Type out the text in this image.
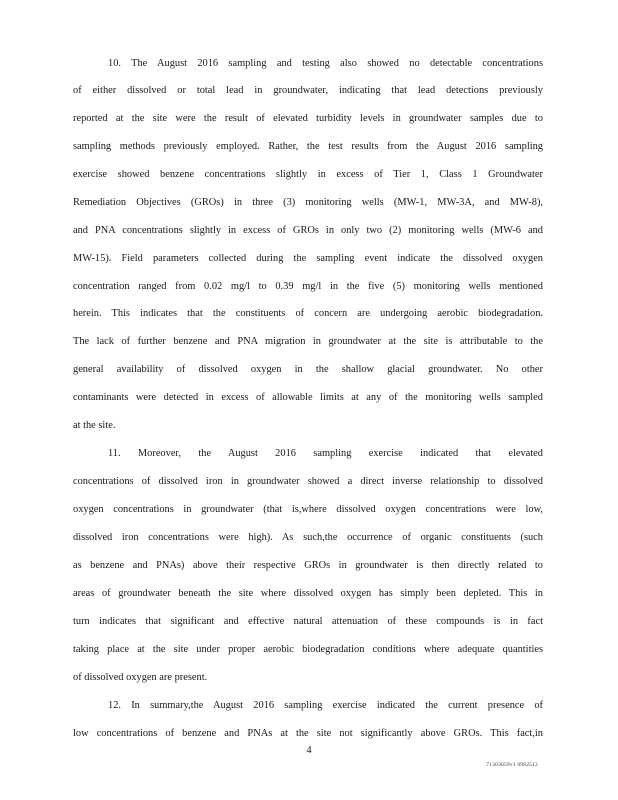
10. The August 2016 sampling and testing also showed no detectable concentrations
of either dissolved or total lead in groundwater, indicating that lead detections previously
reported at the site were the result of elevated turbidity levels in groundwater samples due to
sampling methods previously employed. Rather, the test results from the August 2016 sampling
exercise showed benzene concentrations slightly in excess of Tier 1, Class 1 Groundwater
Remediation Objectives (GROs) in three (3) monitoring wells (MW-1, MW-3A, and MW-8),
and PNA concentrations slightly in excess of GROs in only two (2) monitoring wells (MW-6 and
MW-15). Field parameters collected during the sampling event indicate the dissolved oxygen
concentration ranged from 0.02 mg/l to 0.39 mg/l in the five (5) monitoring wells mentioned
herein. This indicates that the constituents of concern are undergoing aerobic biodegradation.
The lack of further benzene and PNA migration in groundwater at the site is attributable to the
general availability of dissolved oxygen in the shallow glacial groundwater. No other
contaminants were detected in excess of allowable limits at any of the monitoring wells sampled
at the site.
11. Moreover, the August 2016 sampling exercise indicated that elevated
concentrations of dissolved iron in groundwater showed a direct inverse relationship to dissolved
oxygen concentrations in groundwater (that is,where dissolved oxygen concentrations were low,
dissolved iron concentrations were high). As such,the occurrence of organic constituents (such
as benzene and PNAs) above their respective GROs in groundwater is then directly related to
areas of groundwater beneath the site where dissolved oxygen has simply been depleted. This in
turn indicates that significant and effective natural attenuation of these compounds is in fact
taking place at the site under proper aerobic biodegradation conditions where adequate quantities
of dissolved oxygen are present.
12. In summary,the August 2016 sampling exercise indicated the current presence of
low concentrations of benzene and PNAs at the site not significantly above GROs. This fact,in
4
71303659v1 0982512
